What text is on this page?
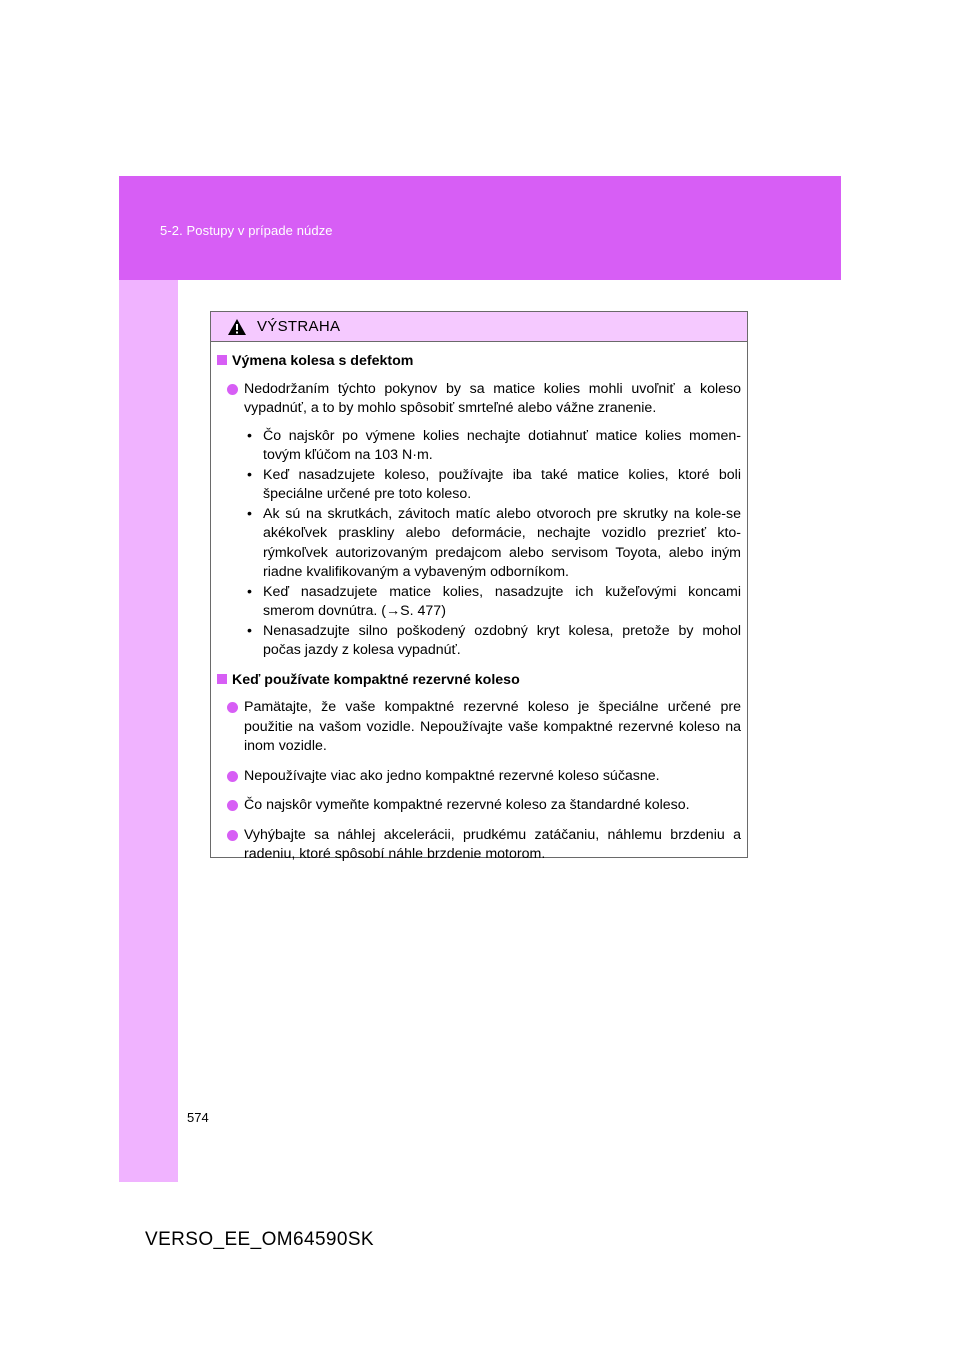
5-2. Postupy v prípade núdze
VÝSTRAHA
Výmena kolesa s defektom
Nedodržaním týchto pokynov by sa matice kolies mohli uvoľniť a koleso vypadnúť, a to by mohlo spôsobiť smrteľné alebo vážne zranenie.
• Čo najskôr po výmene kolies nechajte dotiahnuť matice kolies momen-tovým kľúčom na 103 N·m.
• Keď nasadzujete koleso, používajte iba také matice kolies, ktoré boli špeciálne určené pre toto koleso.
• Ak sú na skrutkách, závitoch matíc alebo otvoroch pre skrutky na kole-se akékoľvek praskliny alebo deformácie, nechajte vozidlo prezrieť kto-rýmkoľvek autorizovaným predajcom alebo servisom Toyota, alebo iným riadne kvalifikovaným a vybaveným odborníkom.
• Keď nasadzujete matice kolies, nasadzujte ich kužeľovými koncami smerom dovnútra. (→S. 477)
• Nenasadzujte silno poškodený ozdobný kryt kolesa, pretože by mohol počas jazdy z kolesa vypadnúť.
Keď používate kompaktné rezervné koleso
Pamätajte, že vaše kompaktné rezervné koleso je špeciálne určené pre použitie na vašom vozidle. Nepoužívajte vaše kompaktné rezervné koleso na inom vozidle.
Nepoužívajte viac ako jedno kompaktné rezervné koleso súčasne.
Čo najskôr vymeňte kompaktné rezervné koleso za štandardné koleso.
Vyhýbajte sa náhlej akcelerácii, prudkému zatáčaniu, náhlemu brzdeniu a radeniu, ktoré spôsobí náhle brzdenie motorom.
574
VERSO_EE_OM64590SK
